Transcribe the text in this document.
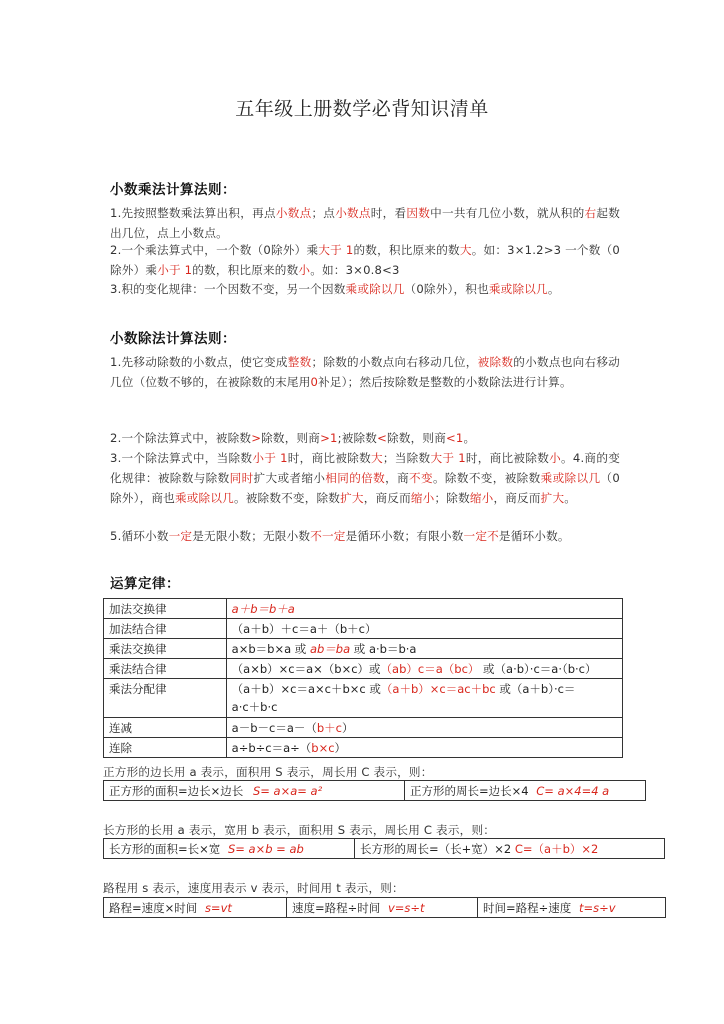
五年级上册数学必背知识清单
小数乘法计算法则：
1.先按照整数乘法算出积，再点小数点；点小数点时，看因数中一共有几位小数，就从积的右起数出几位，点上小数点。
2.一个乘法算式中，一个数（0除外）乘大于 1的数，积比原来的数大。如：3×1.2>3 一个数（0除外）乘小于 1的数，积比原来的数小。如：3×0.8<3
3.积的变化规律：一个因数不变，另一个因数乘或除以几（0除外），积也乘或除以几。
小数除法计算法则：
1.先移动除数的小数点，使它变成整数；除数的小数点向右移动几位，被除数的小数点也向右移动几位（位数不够的，在被除数的末尾用0补足）；然后按除数是整数的小数除法进行计算。
2.一个除法算式中，被除数>除数，则商>1;被除数<除数，则商<1。
3.一个除法算式中，当除数小于 1时，商比被除数大；当除数大于 1时，商比被除数小。4.商的变化规律：被除数与除数同时扩大或者缩小相同的倍数，商不变。除数不变，被除数乘或除以几（0除外），商也乘或除以几。被除数不变，除数扩大，商反而缩小；除数缩小，商反而扩大。
5.循环小数一定是无限小数；无限小数不一定是循环小数；有限小数一定不是循环小数。
运算定律：
加法交换律	a＋b＝b＋a
加法结合律	（a＋b）＋c＝a＋（b＋c）
乘法交换律	a×b＝b×a 或 ab＝ba 或 a·b＝b·a
乘法结合律	（a×b）×c＝a×（b×c）或（ab）c＝a（bc） 或（a·b）·c＝a·（b·c）
乘法分配律	（a＋b）×c＝a×c＋b×c 或（a＋b）×c＝ac＋bc 或（a＋b）·c＝
a·c＋b·c
连减	a－b－c＝a－（b＋c）
连除	a÷b÷c＝a÷（b×c）
正方形的边长用 a 表示，面积用 S 表示，周长用 C 表示，则：
正方形的面积=边长×边长 S= a×a= a²	正方形的周长=边长×4 C= a×4=4 a
长方形的长用 a 表示，宽用 b 表示，面积用 S 表示，周长用 C 表示，则：
长方形的面积=长×宽 S= a×b = ab	长方形的周长=（长+宽）×2 C=（a＋b）×2
路程用 s 表示，速度用表示 v 表示，时间用 t 表示，则：
路程=速度×时间 s=vt	速度=路程÷时间 v=s÷t	时间=路程÷速度 t=s÷v
